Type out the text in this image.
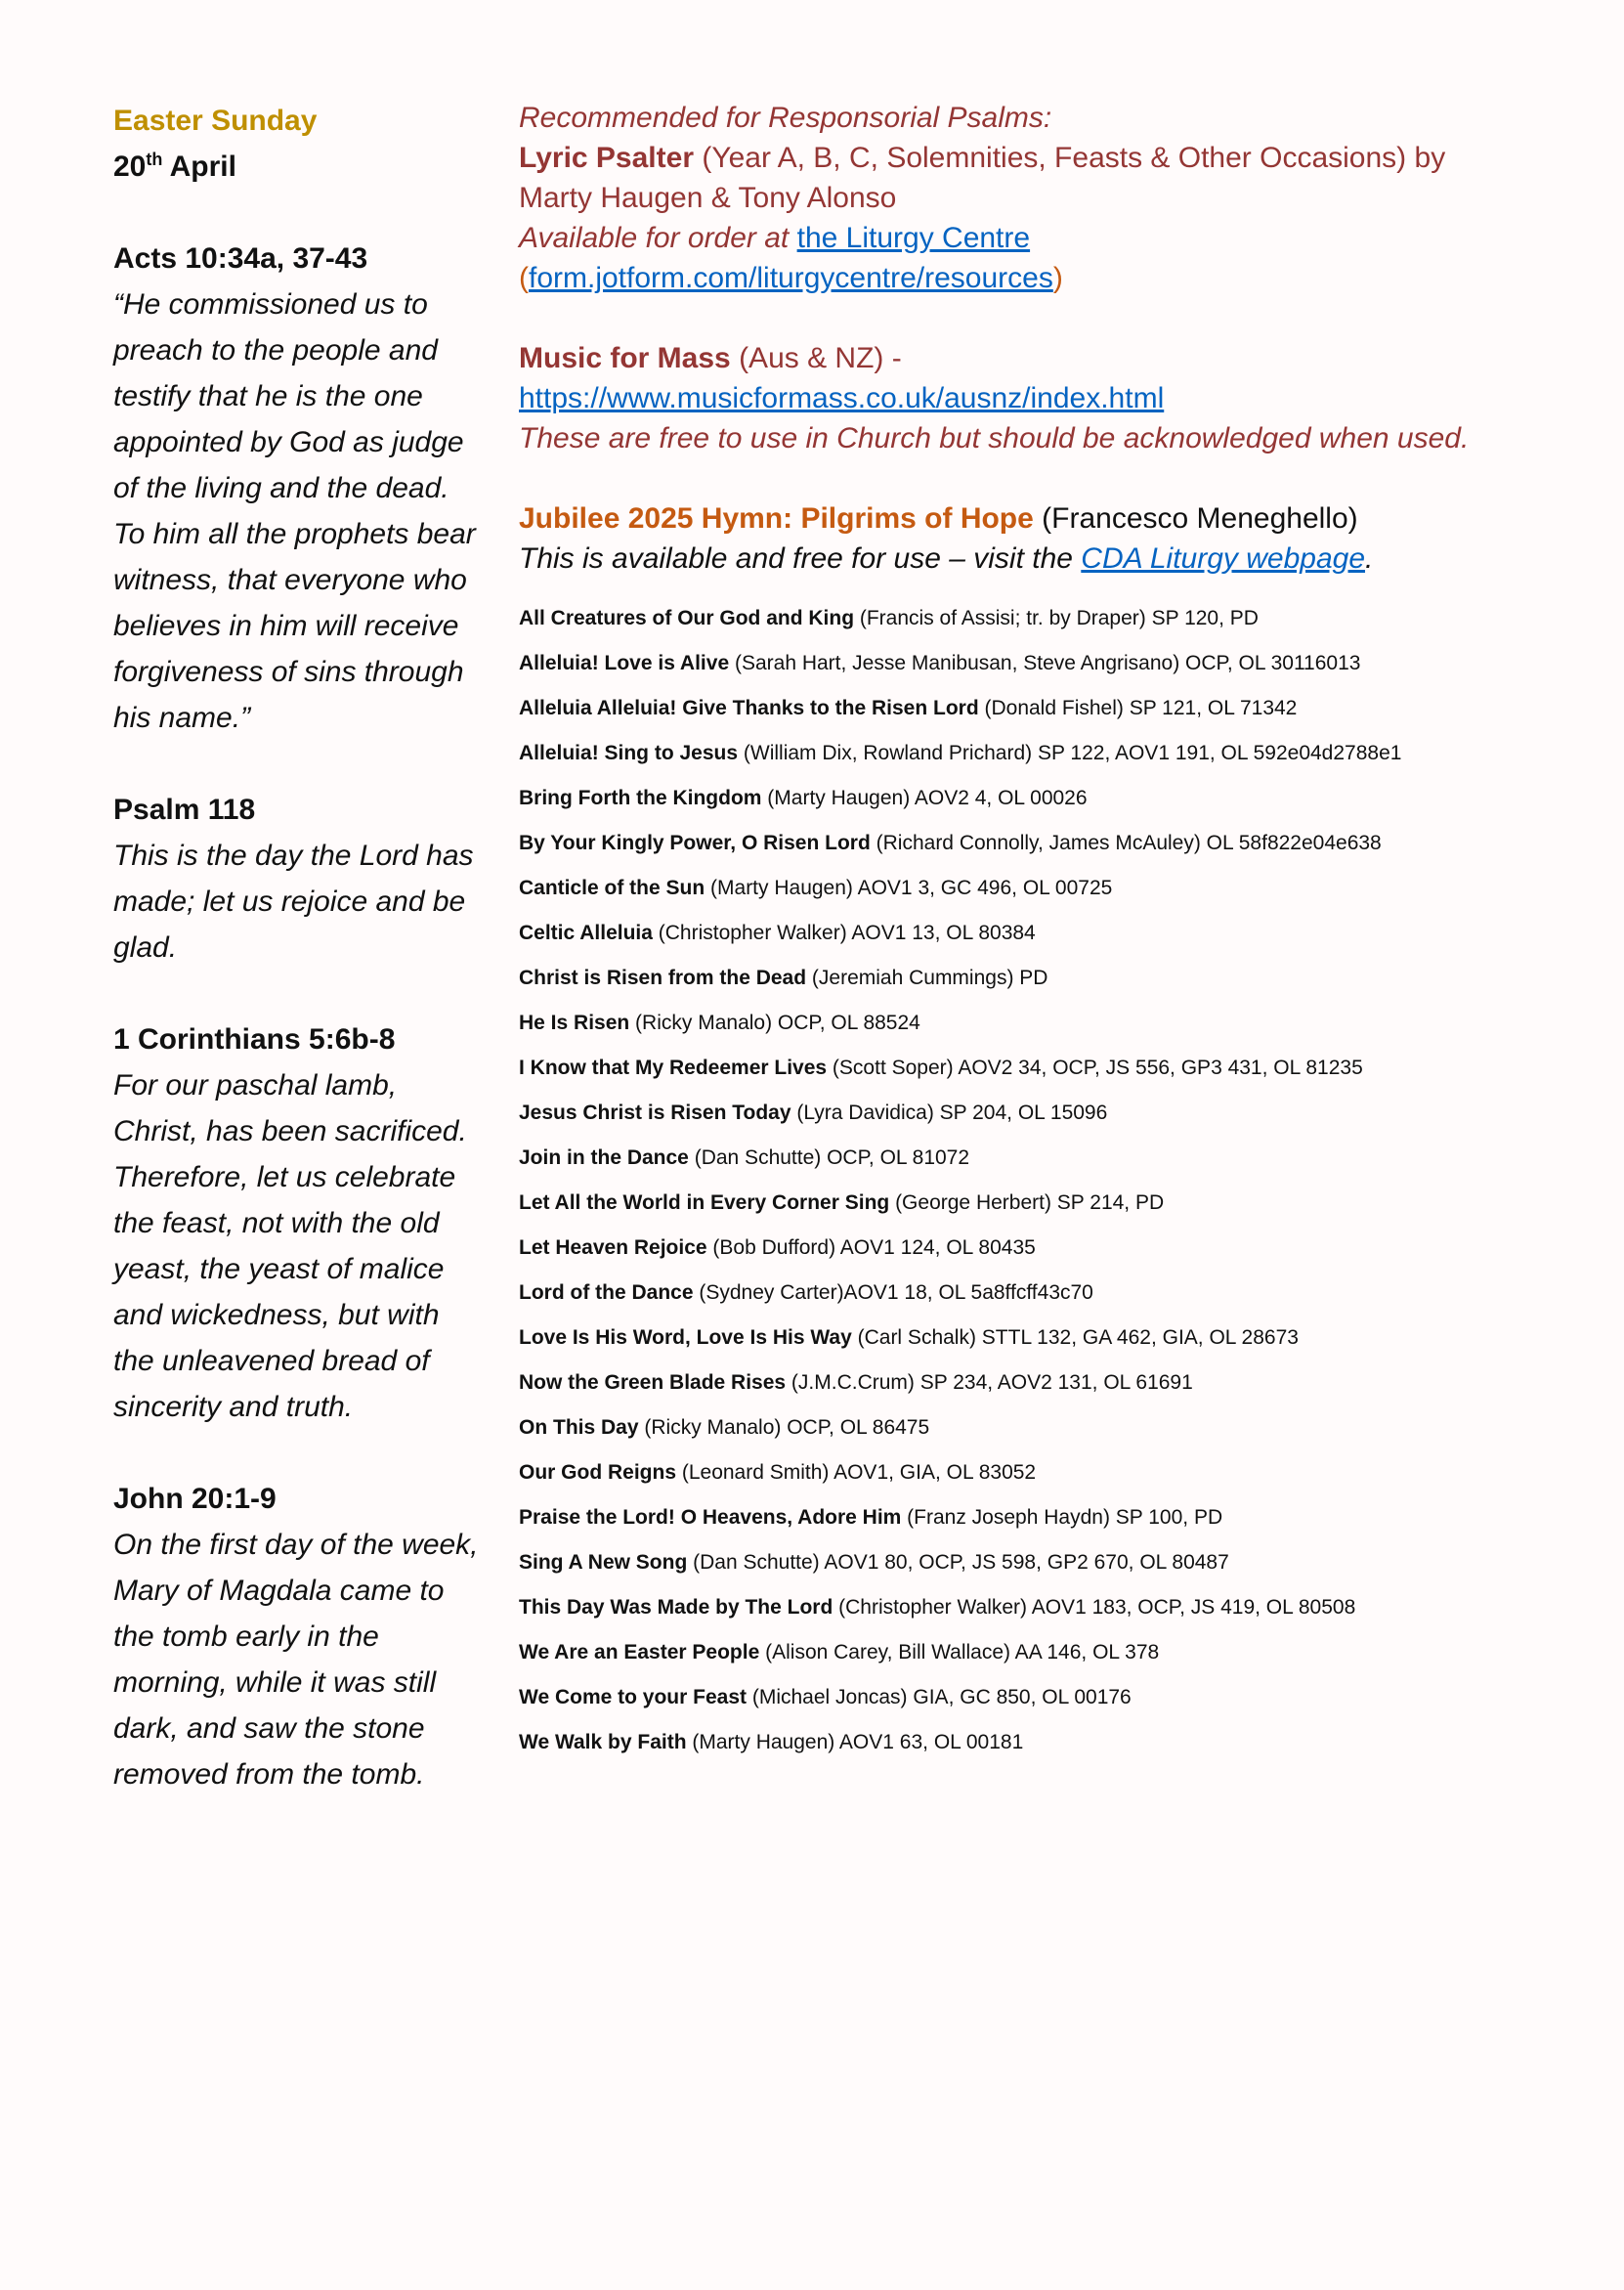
Easter Sunday
20th April
Acts 10:34a, 37-43
“He commissioned us to
preach to the people and
testify that he is the one
appointed by God as judge
of the living and the dead.
To him all the prophets bear
witness, that everyone who
believes in him will receive
forgiveness of sins through
his name.”
Psalm 118
This is the day the Lord has
made; let us rejoice and be
glad.
1 Corinthians 5:6b-8
For our paschal lamb,
Christ, has been sacrificed.
Therefore, let us celebrate
the feast, not with the old
yeast, the yeast of malice
and wickedness, but with
the unleavened bread of
sincerity and truth.
John 20:1-9
On the first day of the week,
Mary of Magdala came to
the tomb early in the
morning, while it was still
dark, and saw the stone
removed from the tomb.
Recommended for Responsorial Psalms:
Lyric Psalter (Year A, B, C, Solemnities, Feasts & Other Occasions) by
Marty Haugen & Tony Alonso
Available for order at the Liturgy Centre
(form.jotform.com/liturgycentre/resources)
Music for Mass (Aus & NZ) -
https://www.musicformass.co.uk/ausnz/index.html
These are free to use in Church but should be acknowledged when used.
Jubilee 2025 Hymn: Pilgrims of Hope (Francesco Meneghello)
This is available and free for use – visit the CDA Liturgy webpage.
All Creatures of Our God and King (Francis of Assisi; tr. by Draper) SP 120, PD
Alleluia! Love is Alive (Sarah Hart, Jesse Manibusan, Steve Angrisano) OCP, OL 30116013
Alleluia Alleluia! Give Thanks to the Risen Lord (Donald Fishel) SP 121, OL 71342
Alleluia! Sing to Jesus (William Dix, Rowland Prichard) SP 122, AOV1 191, OL 592e04d2788e1
Bring Forth the Kingdom (Marty Haugen) AOV2 4, OL 00026
By Your Kingly Power, O Risen Lord (Richard Connolly, James McAuley) OL 58f822e04e638
Canticle of the Sun (Marty Haugen) AOV1 3, GC 496, OL 00725
Celtic Alleluia (Christopher Walker) AOV1 13, OL 80384
Christ is Risen from the Dead (Jeremiah Cummings) PD
He Is Risen (Ricky Manalo) OCP, OL 88524
I Know that My Redeemer Lives (Scott Soper) AOV2 34, OCP, JS 556, GP3 431, OL 81235
Jesus Christ is Risen Today (Lyra Davidica) SP 204, OL 15096
Join in the Dance (Dan Schutte) OCP, OL 81072
Let All the World in Every Corner Sing (George Herbert) SP 214, PD
Let Heaven Rejoice (Bob Dufford) AOV1 124, OL 80435
Lord of the Dance (Sydney Carter)AOV1 18, OL 5a8ffcff43c70
Love Is His Word, Love Is His Way (Carl Schalk) STTL 132, GA 462, GIA, OL 28673
Now the Green Blade Rises (J.M.C.Crum) SP 234, AOV2 131, OL 61691
On This Day (Ricky Manalo) OCP, OL 86475
Our God Reigns (Leonard Smith) AOV1, GIA, OL 83052
Praise the Lord! O Heavens, Adore Him (Franz Joseph Haydn) SP 100, PD
Sing A New Song (Dan Schutte) AOV1 80, OCP, JS 598, GP2 670, OL 80487
This Day Was Made by The Lord (Christopher Walker) AOV1 183, OCP, JS 419, OL 80508
We Are an Easter People (Alison Carey, Bill Wallace) AA 146, OL 378
We Come to your Feast (Michael Joncas) GIA, GC 850, OL 00176
We Walk by Faith (Marty Haugen) AOV1 63, OL 00181
